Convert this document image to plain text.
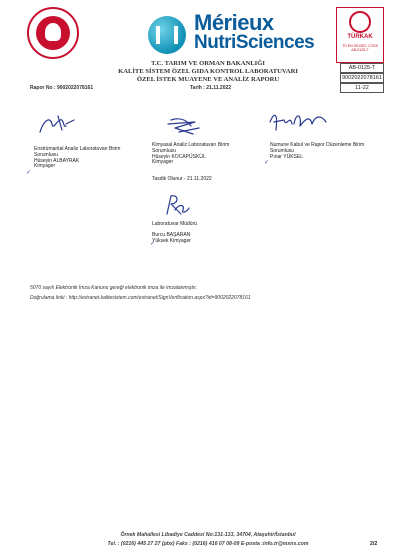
Mérieux
NutriSciences	TÜRKAK
TS EN ISO/IEC 17025
AB-0125-T
AB-0125-T
9002022078161
11-22
T.C. TARIM VE ORMAN BAKANLIĞI
KALİTE SİSTEM ÖZEL GIDA KONTROL LABORATUVARI
ÖZEL İSTEK MUAYENE VE ANALİZ RAPORU
Rapor No : 9002022078161	Tarih : 21.11.2022
Enstrümantal Analiz Laboratuvarı Birim
Sorumlusu
Hüseyin ALBAYRAK
Kimyager
✓
Kimyasal Analiz Laboratuvarı Birim
Sorumlusu
Hüseyin KOCAPÜSKÜL
Kimyager
Numune Kabul ve Rapor Düzenleme Birim
Sorumlusu
Pınar YÜKSEL
✓
Tasdik Olunur - 21.11.2022
Laboratuvar Müdürü
Burcu BAŞARAN
Yüksek Kimyager
✓
5070 sayılı Elektronik İmza Kanunu gereği elektronik imza ile imzalanmıştır.
Doğrulama linki : http://extranet.kalitesistem.com/extranet/SignVerification.aspx?id=9002022078161
Örnek Mahallesi Libadiye Caddesi No:131-133, 34704, Ataşehir/İstanbul
Tel. : (0216) 445 27 27 (pbx) Faks : (0216) 416 07 08-09 E-posta :info.tr@mxns.com	2/2
